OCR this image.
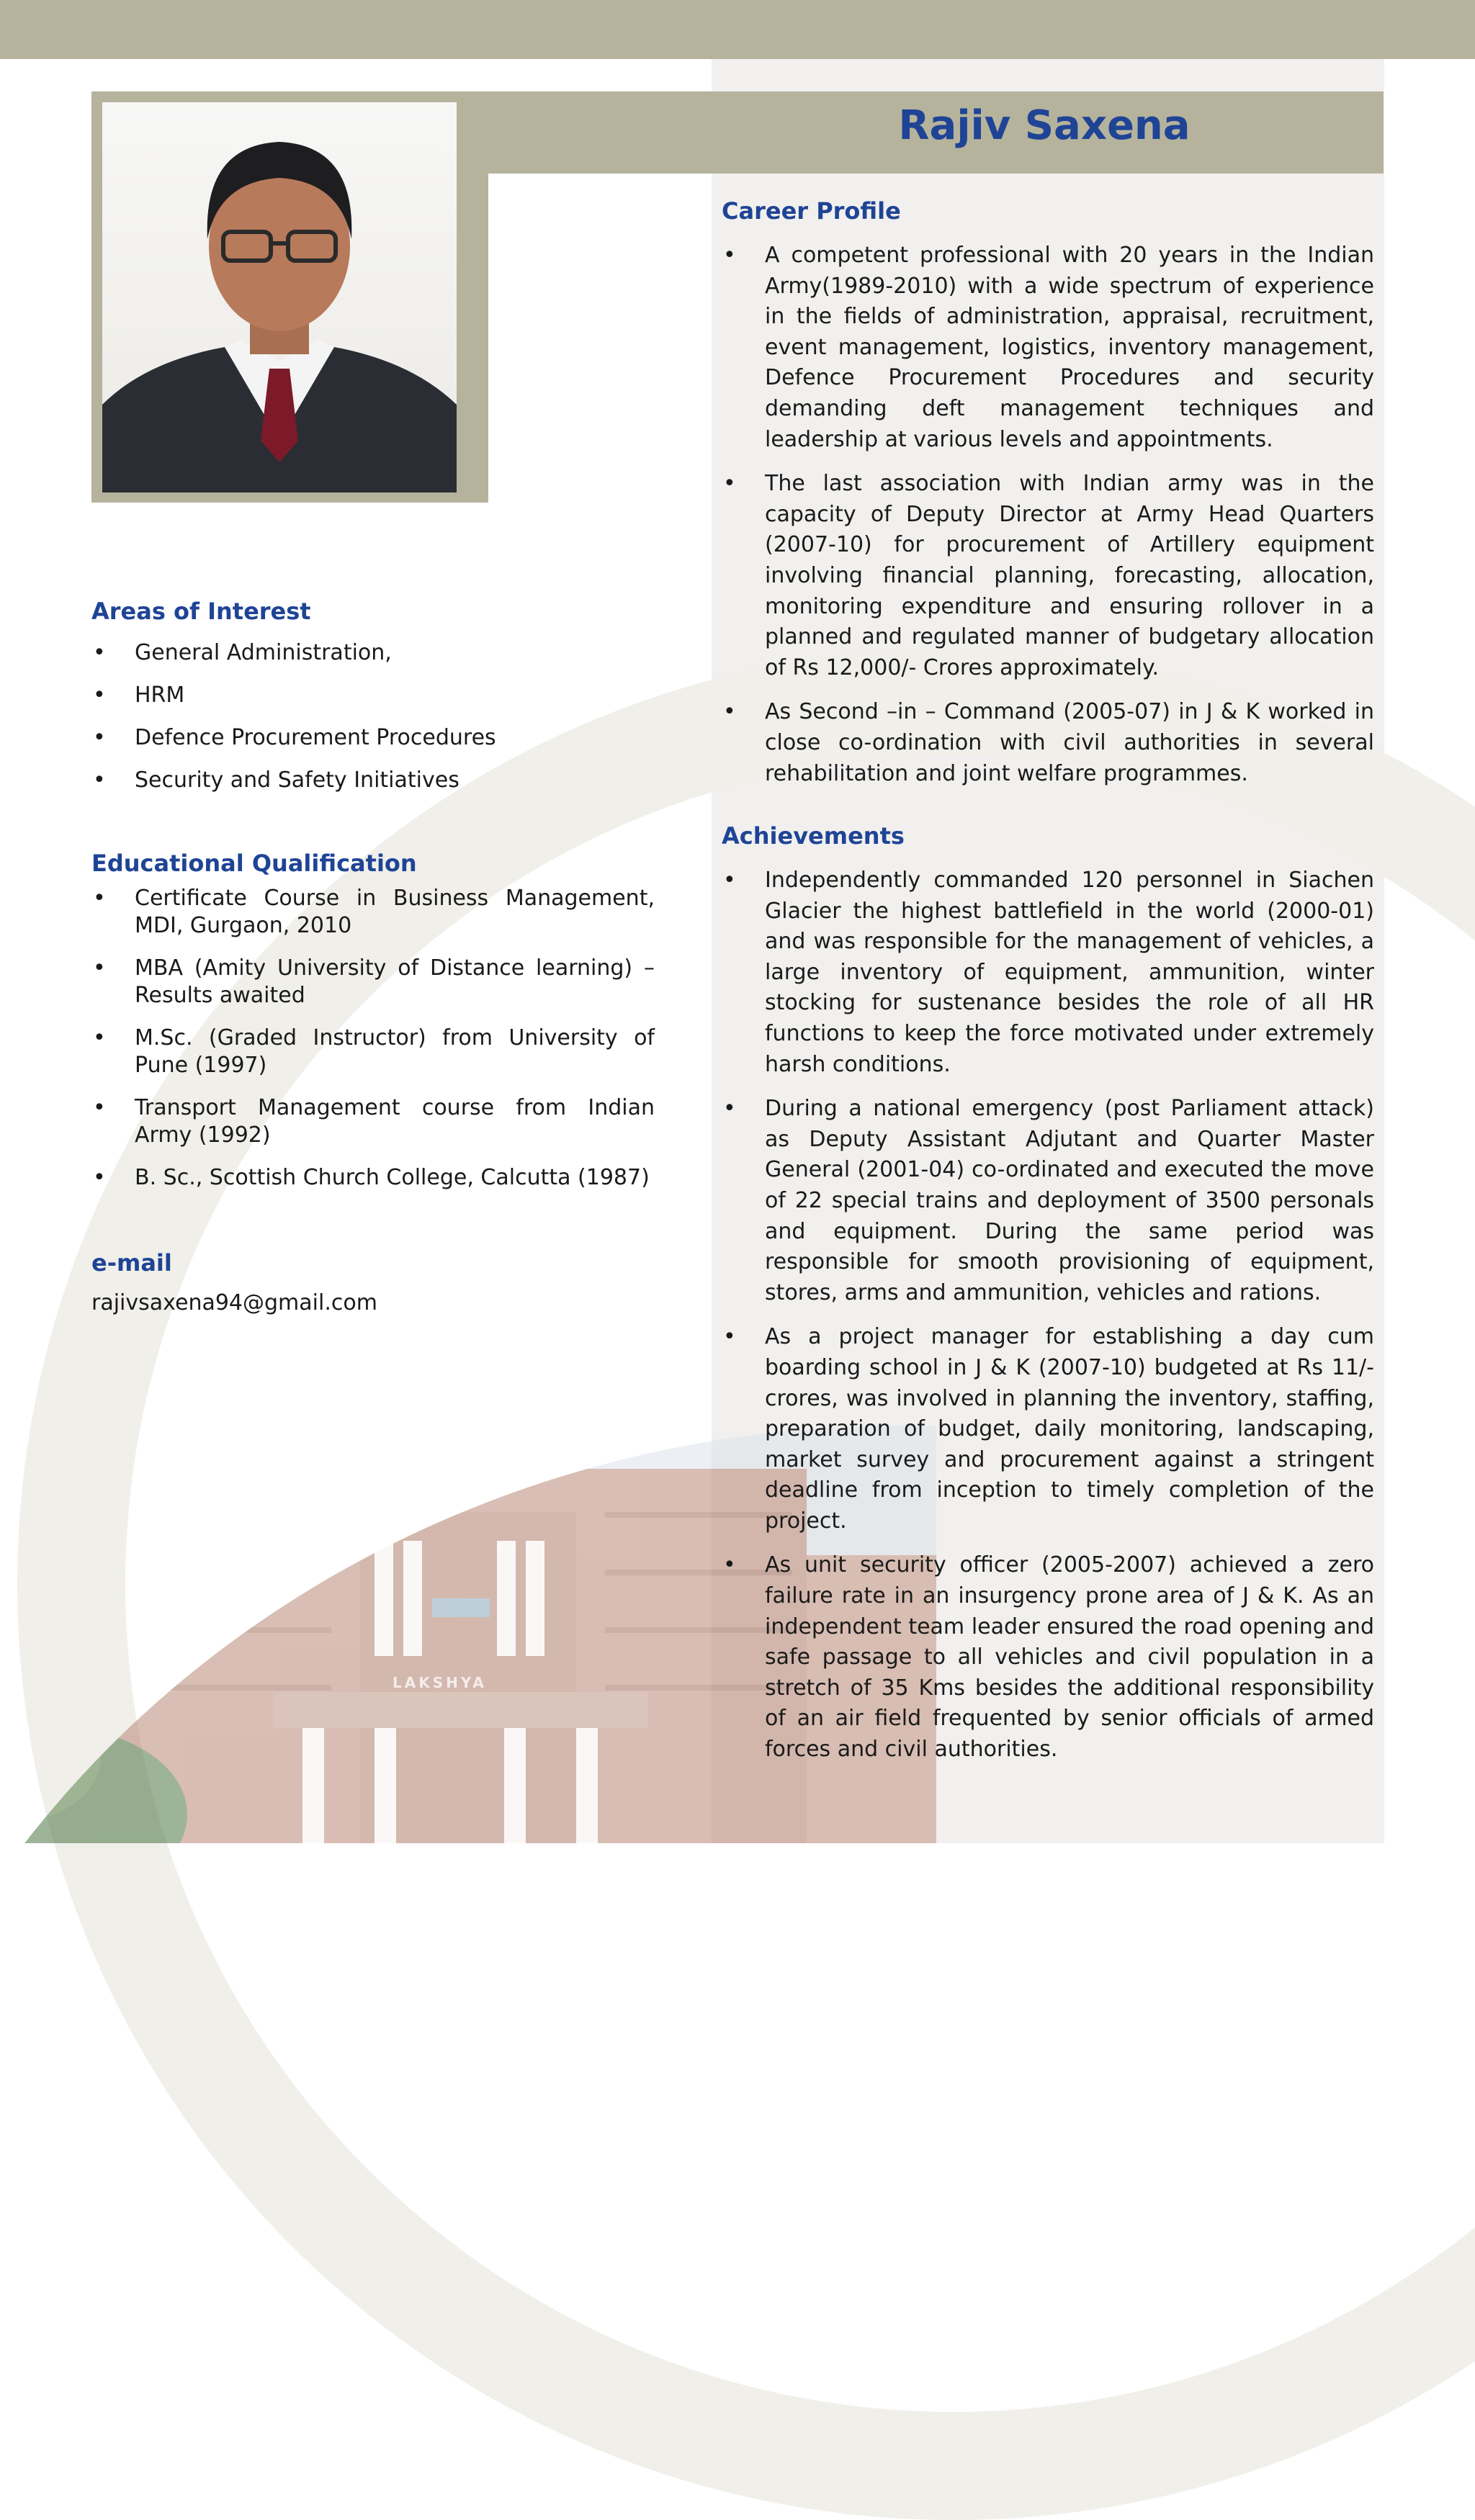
LAKSHYA
Rajiv Saxena
Career Profile
• A competent professional with 20 years in the Indian Army(1989-2010) with a wide spectrum of experience in the fields of administration, appraisal, recruitment, event management, logistics, inventory management, Defence Procurement Procedures and security demanding deft management techniques and leadership at various levels and appointments.
• The last association with Indian army was in the capacity of Deputy Director at Army Head Quarters (2007-10) for procurement of Artillery equipment involving financial planning, forecasting, allocation, monitoring expenditure and ensuring rollover in a planned and regulated manner of budgetary allocation of Rs 12,000/- Crores approximately.
• As Second –in – Command (2005-07) in J & K worked in close co-ordination with civil authorities in several rehabilitation and joint welfare programmes.
Achievements
• Independently commanded 120 personnel in Siachen Glacier the highest battlefield in the world (2000-01) and was responsible for the management of vehicles, a large inventory of equipment, ammunition, winter stocking for sustenance besides the role of all HR functions to keep the force motivated under extremely harsh conditions.
• During a national emergency (post Parliament attack) as Deputy Assistant Adjutant and Quarter Master General (2001-04) co-ordinated and executed the move of 22 special trains and deployment of 3500 personals and equipment. During the same period was responsible for smooth provisioning of equipment, stores, arms and ammunition, vehicles and rations.
• As a project manager for establishing a day cum boarding school in J & K (2007-10) budgeted at Rs 11/- crores, was involved in planning the inventory, staffing, preparation of budget, daily monitoring, landscaping, market survey and procurement against a stringent deadline from inception to timely completion of the project.
• As unit security officer (2005-2007) achieved a zero failure rate in an insurgency prone area of J & K. As an independent team leader ensured the road opening and safe passage to all vehicles and civil population in a stretch of 35 Kms besides the additional responsibility of an air field frequented by senior officials of armed forces and civil authorities.
Areas of Interest
• General Administration,
• HRM
• Defence Procurement Procedures
• Security and Safety Initiatives
Educational Qualification
• Certificate Course in Business Management, MDI, Gurgaon, 2010
• MBA (Amity University of Distance learning) – Results awaited
• M.Sc. (Graded Instructor) from University of Pune (1997)
• Transport Management course from Indian Army (1992)
• B. Sc., Scottish Church College, Calcutta (1987)
e-mail
rajivsaxena94@gmail.com
